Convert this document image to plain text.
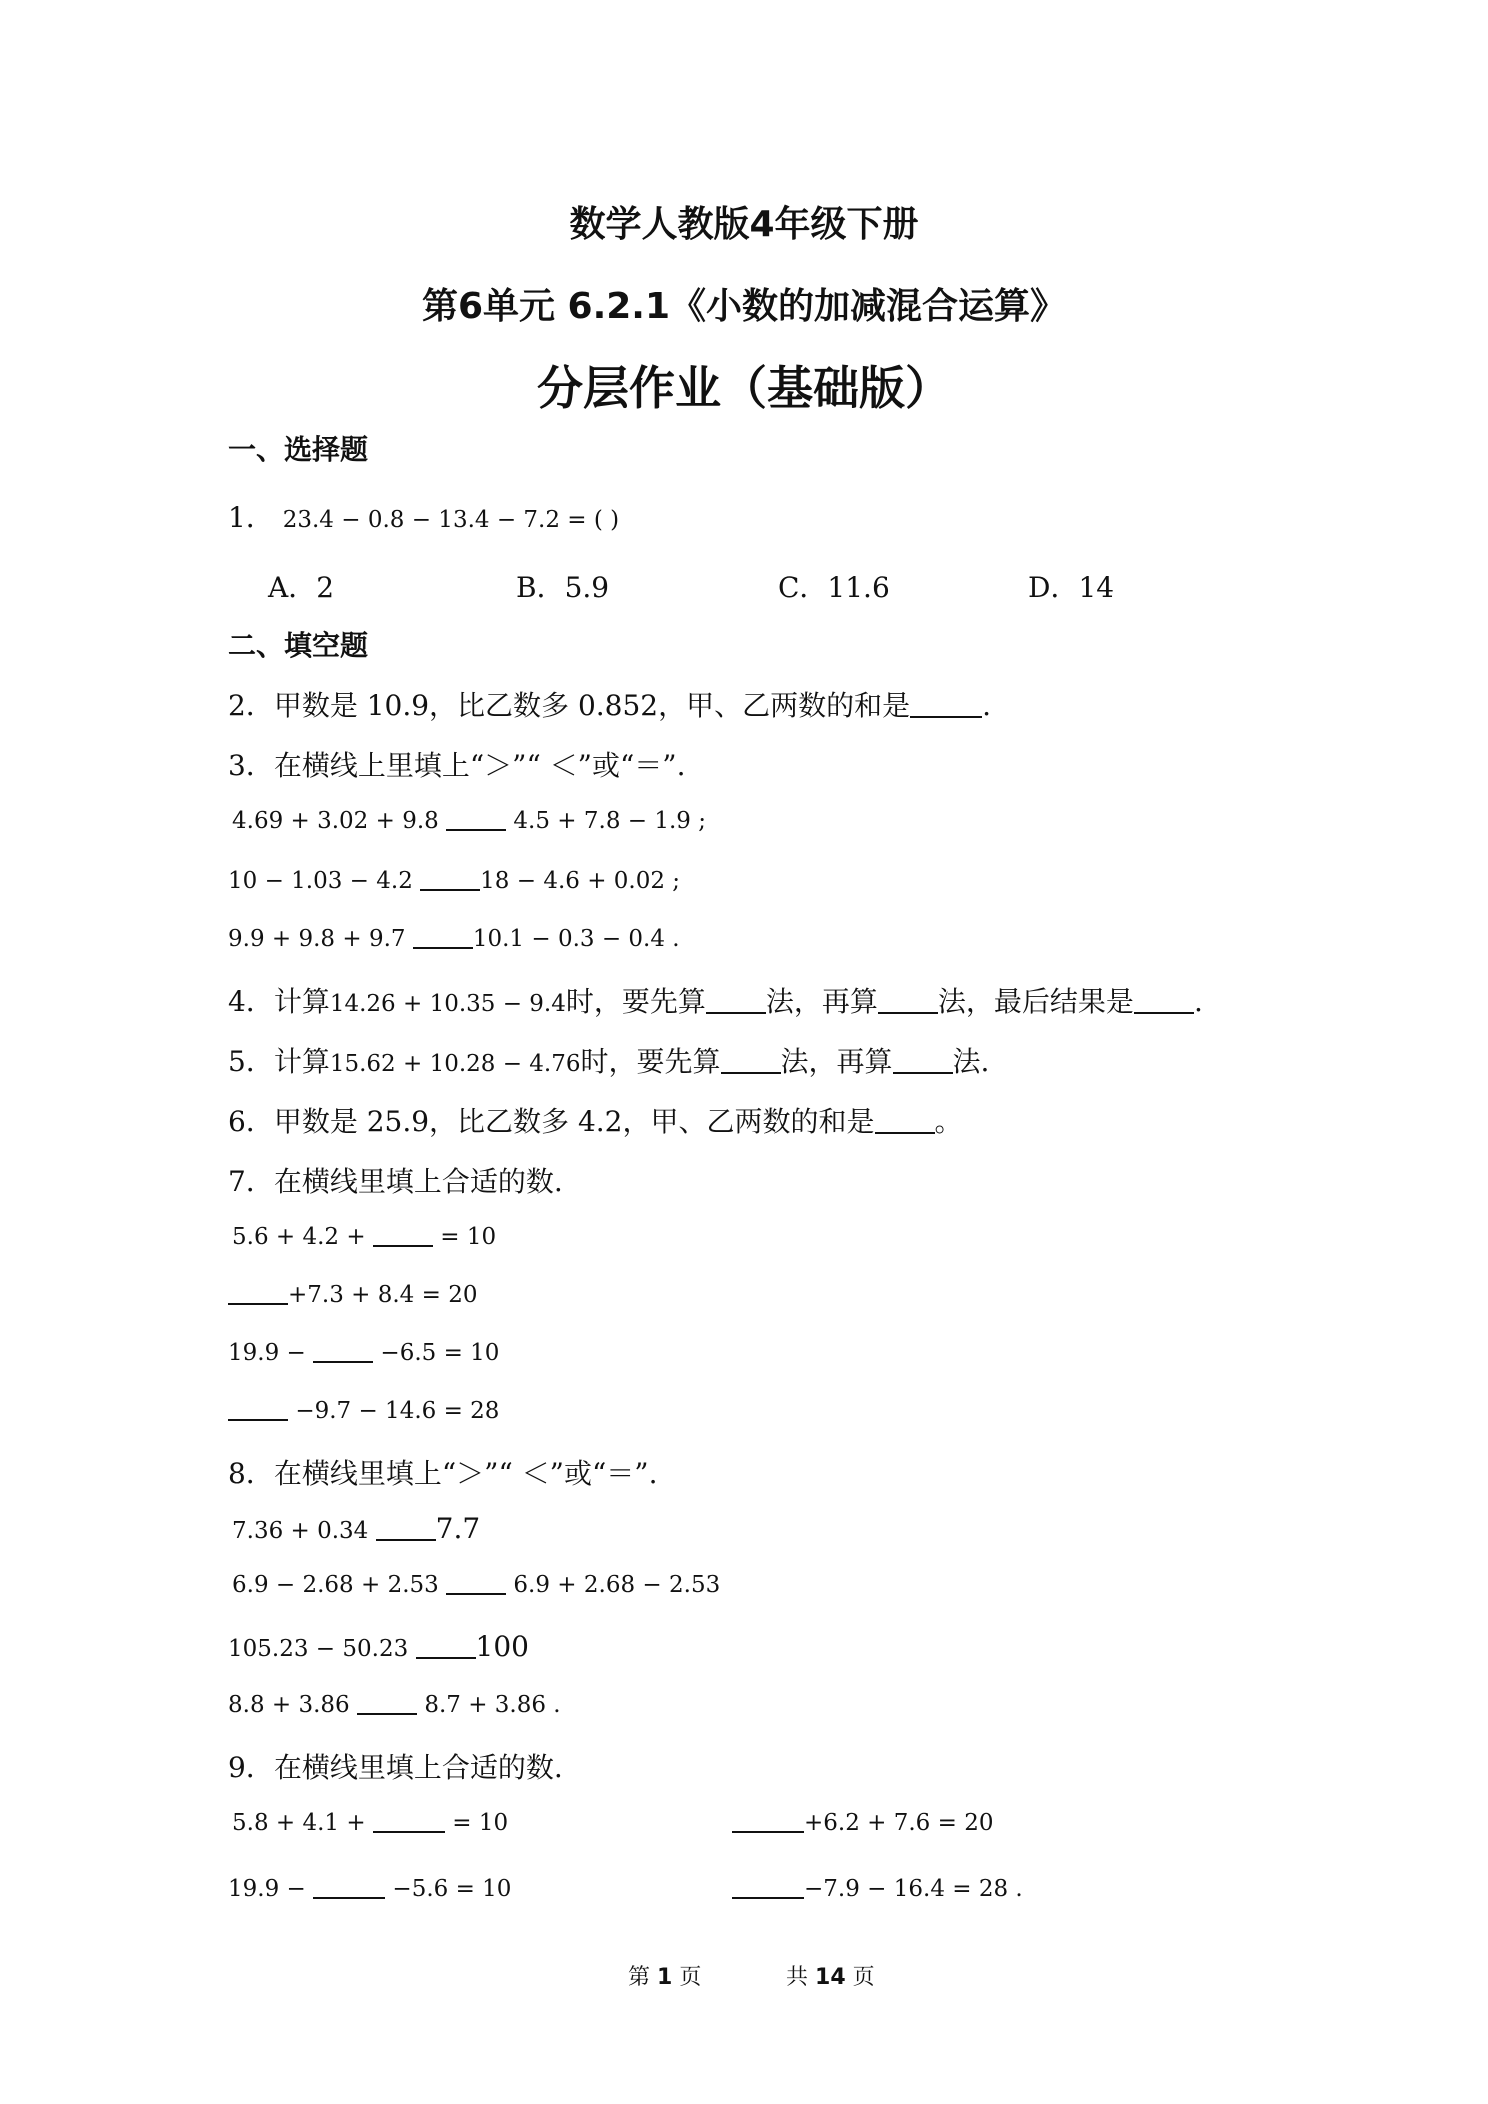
数学人教版4年级下册
第6单元 6.2.1《小数的加减混合运算》
分层作业（基础版）
一、选择题
1． 23.4 − 0.8 − 13.4 − 7.2 = ( )
A．2	B．5.9	C．11.6	D．14
二、填空题
2．甲数是 10.9，比乙数多 0.852，甲、乙两数的和是	.
3．在横线上里填上“＞”“ ＜”或“＝”.
4.69 + 3.02 + 9.8	4.5 + 7.8 − 1.9 ;
10 − 1.03 − 4.2	18 − 4.6 + 0.02 ;
9.9 + 9.8 + 9.7	10.1 − 0.3 − 0.4 .
4．计算14.26 + 10.35 − 9.4时，要先算 法，再算 法，最后结果是 .
5．计算15.62 + 10.28 − 4.76时，要先算 法，再算 法.
6．甲数是 25.9，比乙数多 4.2，甲、乙两数的和是 。
7．在横线里填上合适的数.
5.6 + 4.2 +	= 10
+7.3 + 8.4 = 20
19.9 −	−6.5 = 10
−9.7 − 14.6 = 28
8．在横线里填上“＞”“ ＜”或“＝”.
7.36 + 0.34 7.7
6.9 − 2.68 + 2.53	6.9 + 2.68 − 2.53
105.23 − 50.23 100
8.8 + 3.86	8.7 + 3.86 .
9．在横线里填上合适的数.
5.8 + 4.1 +	= 10	+6.2 + 7.6 = 20
19.9 −	−5.6 = 10	−7.9 − 16.4 = 28 .
第 1 页	共 14 页
